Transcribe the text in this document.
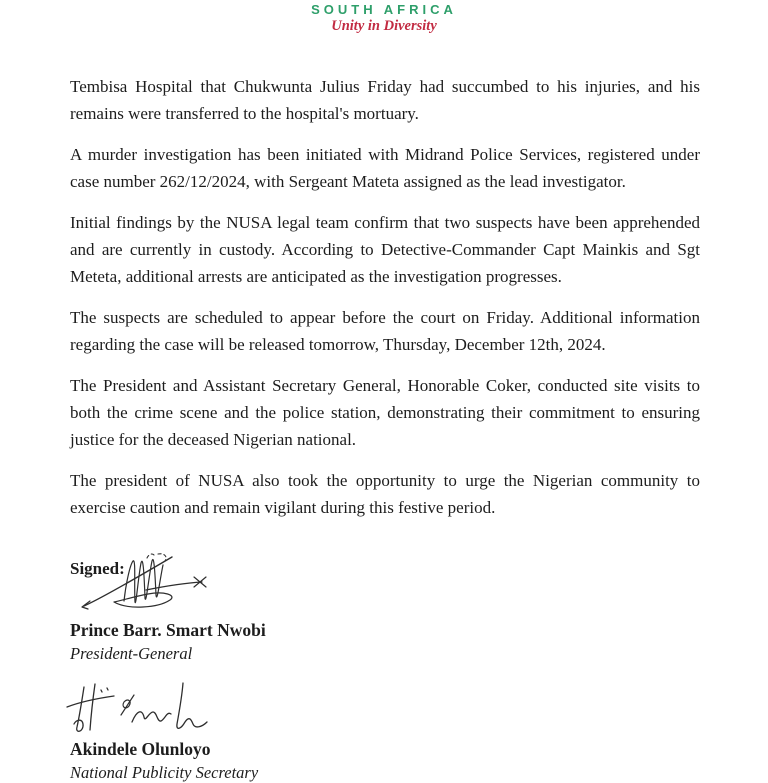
SOUTH AFRICA
Unity in Diversity

Tembisa Hospital that Chukwunta Julius Friday had succumbed to his injuries, and his remains were transferred to the hospital's mortuary.

A murder investigation has been initiated with Midrand Police Services, registered under case number 262/12/2024, with Sergeant Mateta assigned as the lead investigator.

Initial findings by the NUSA legal team confirm that two suspects have been apprehended and are currently in custody. According to Detective-Commander Capt Mainkis and Sgt Meteta, additional arrests are anticipated as the investigation progresses.

The suspects are scheduled to appear before the court on Friday. Additional information regarding the case will be released tomorrow, Thursday, December 12th, 2024.

The President and Assistant Secretary General, Honorable Coker, conducted site visits to both the crime scene and the police station, demonstrating their commitment to ensuring justice for the deceased Nigerian national.

The president of NUSA also took the opportunity to urge the Nigerian community to exercise caution and remain vigilant during this festive period.

Signed:
Prince Barr. Smart Nwobi
President-General
Akindele Olunloyo
National Publicity Secretary
